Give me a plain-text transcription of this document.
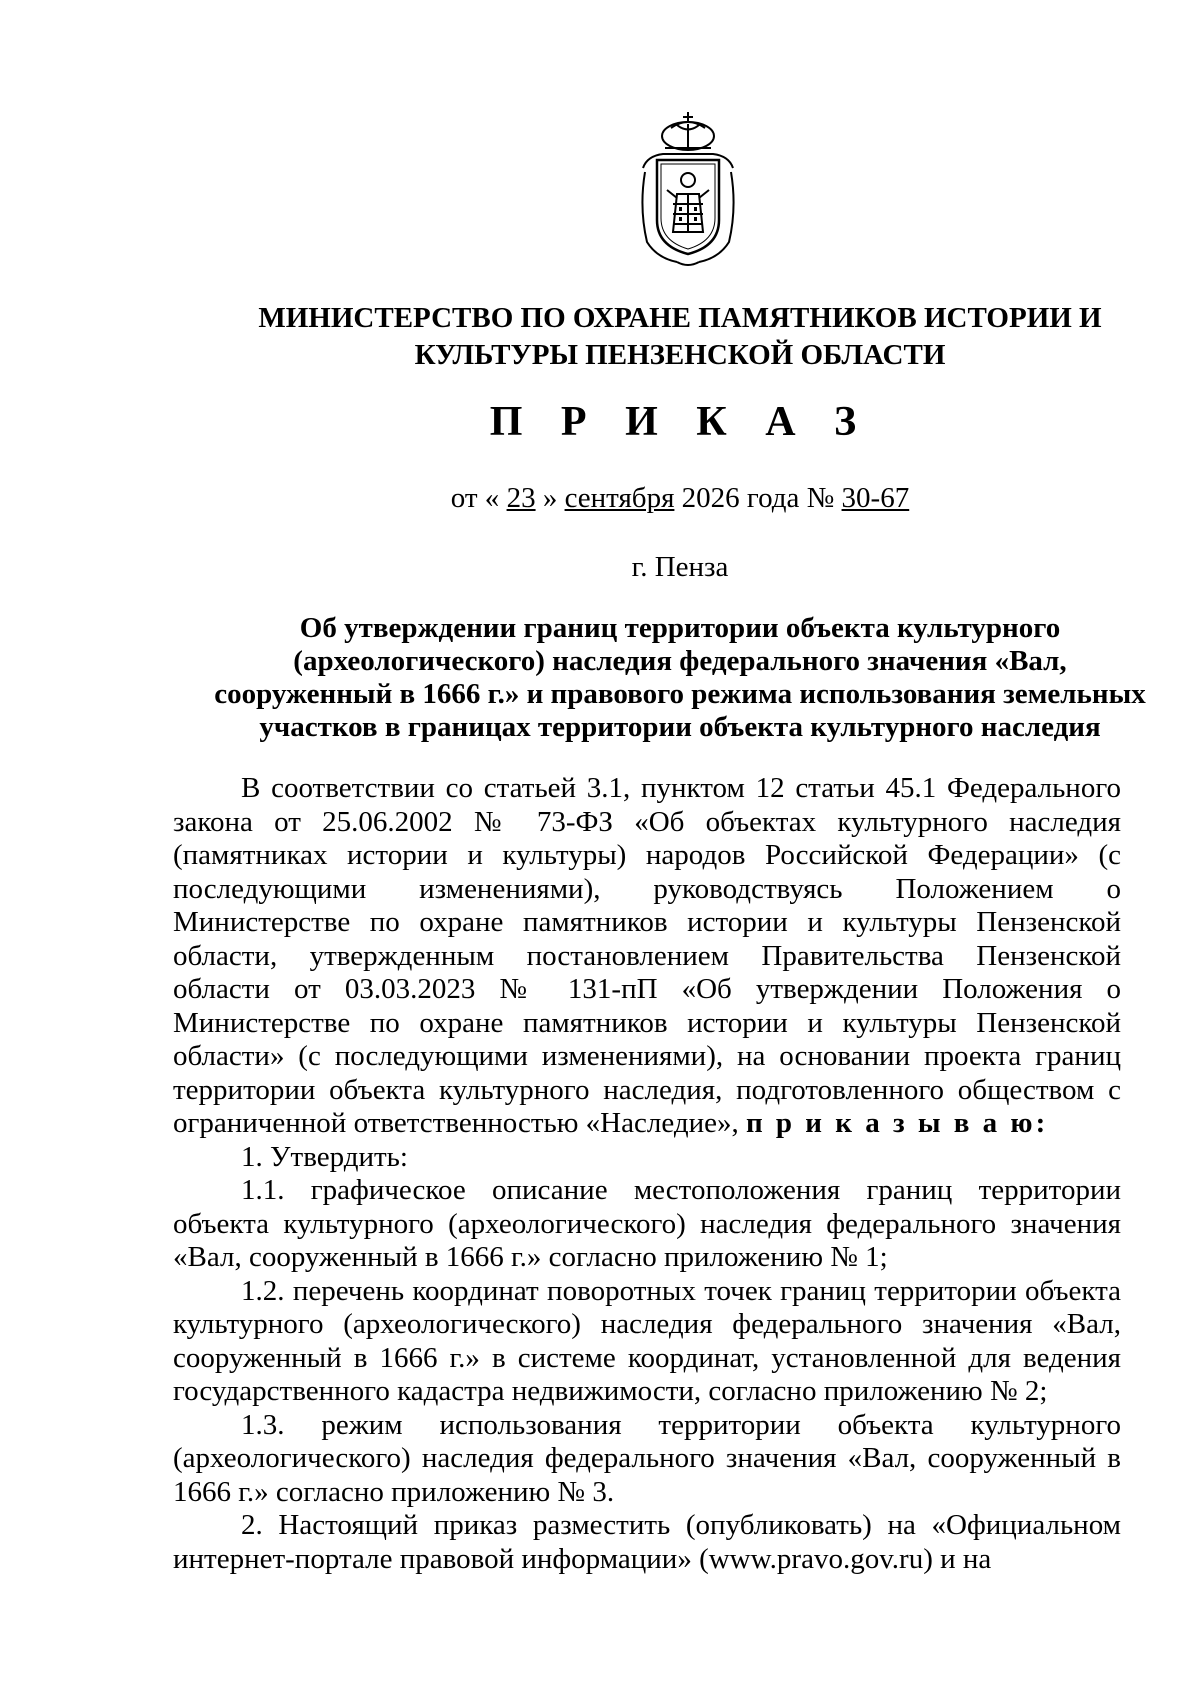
МИНИСТЕРСТВО ПО ОХРАНЕ ПАМЯТНИКОВ ИСТОРИИ И
КУЛЬТУРЫ ПЕНЗЕНСКОЙ ОБЛАСТИ
П Р И К А З
от « 23 » сентября 2026 года № 30-67
г. Пенза
Об утверждении границ территории объекта культурного
(археологического) наследия федерального значения «Вал,
сооруженный в 1666 г.» и правового режима использования земельных
участков в границах территории объекта культурного наследия

В соответствии со статьей 3.1, пунктом 12 статьи 45.1 Федерального закона от 25.06.2002 № 73-ФЗ «Об объектах культурного наследия (памятниках истории и культуры) народов Российской Федерации» (с последующими изменениями), руководствуясь Положением о Министерстве по охране памятников истории и культуры Пензенской области, утвержденным постановлением Правительства Пензенской области от 03.03.2023 № 131-пП «Об утверждении Положения о Министерстве по охране памятников истории и культуры Пензенской области» (с последующими изменениями), на основании проекта границ территории объекта культурного наследия, подготовленного обществом с ограниченной ответственностью «Наследие», п р и к а з ы в а ю:

1. Утвердить:

1.1. графическое описание местоположения границ территории объекта культурного (археологического) наследия федерального значения «Вал, сооруженный в 1666 г.» согласно приложению № 1;

1.2. перечень координат поворотных точек границ территории объекта культурного (археологического) наследия федерального значения «Вал, сооруженный в 1666 г.» в системе координат, установленной для ведения государственного кадастра недвижимости, согласно приложению № 2;

1.3. режим использования территории объекта культурного (археологического) наследия федерального значения «Вал, сооруженный в 1666 г.» согласно приложению № 3.

2. Настоящий приказ разместить (опубликовать) на «Официальном интернет-портале правовой информации» (www.pravo.gov.ru) и на
